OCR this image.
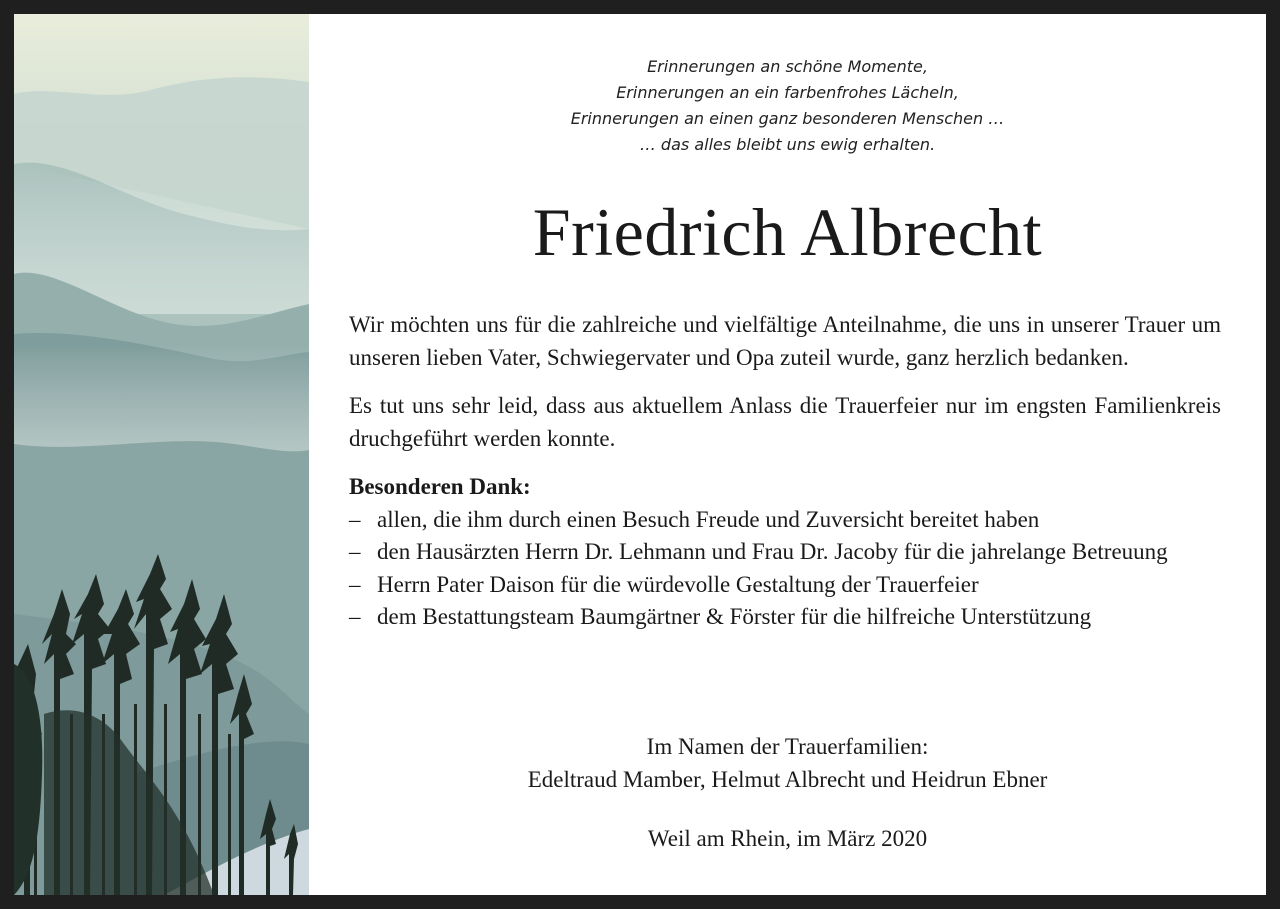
Erinnerungen an schöne Momente,
Erinnerungen an ein farbenfrohes Lächeln,
Erinnerungen an einen ganz besonderen Menschen …
… das alles bleibt uns ewig erhalten.
Friedrich Albrecht

Wir möchten uns für die zahlreiche und vielfältige Anteilnahme, die uns in unserer Trauer um unseren lieben Vater, Schwiegervater und Opa zuteil wurde, ganz herzlich bedanken.

Es tut uns sehr leid, dass aus aktuellem Anlass die Trauerfeier nur im engsten Familienkreis druchgeführt werden konnte.

Besonderen Dank:

– allen, die ihm durch einen Besuch Freude und Zuversicht bereitet haben
– den Hausärzten Herrn Dr. Lehmann und Frau Dr. Jacoby für die jahrelange Betreuung
– Herrn Pater Daison für die würdevolle Gestaltung der Trauerfeier
– dem Bestattungsteam Baumgärtner & Förster für die hilfreiche Unterstützung
Im Namen der Trauerfamilien:
Edeltraud Mamber, Helmut Albrecht und Heidrun Ebner
Weil am Rhein, im März 2020
